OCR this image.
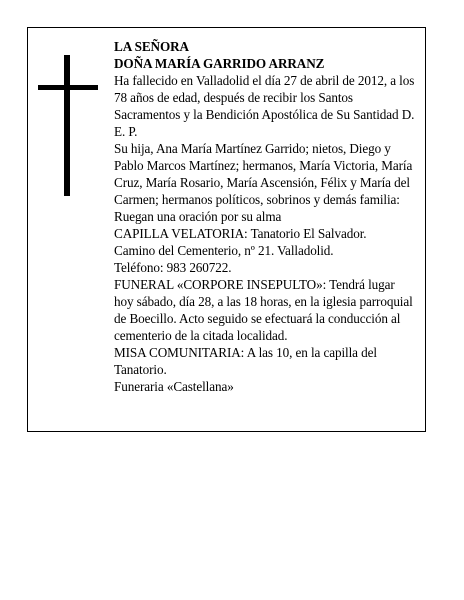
LA SEÑORA

DOÑA MARÍA GARRIDO ARRANZ

Ha fallecido en Valladolid el día 27 de abril de 2012, a los 78 años de edad, después de recibir los Santos Sacramentos y la Bendición Apostólica de Su Santidad D. E. P.

Su hija, Ana María Martínez Garrido; nietos, Diego y Pablo Marcos Martínez; hermanos, María Victoria, María Cruz, María Rosario, María Ascensión, Félix y María del Carmen; hermanos políticos, sobrinos y demás familia:

Ruegan una oración por su alma

CAPILLA VELATORIA: Tanatorio El Salvador.

Camino del Cementerio, nº 21. Valladolid.

Teléfono: 983 260722.

FUNERAL «CORPORE INSEPULTO»: Tendrá lugar hoy sábado, día 28, a las 18 horas, en la iglesia parroquial de Boecillo. Acto seguido se efectuará la conducción al cementerio de la citada localidad.

MISA COMUNITARIA: A las 10, en la capilla del Tanatorio.

Funeraria «Castellana»
